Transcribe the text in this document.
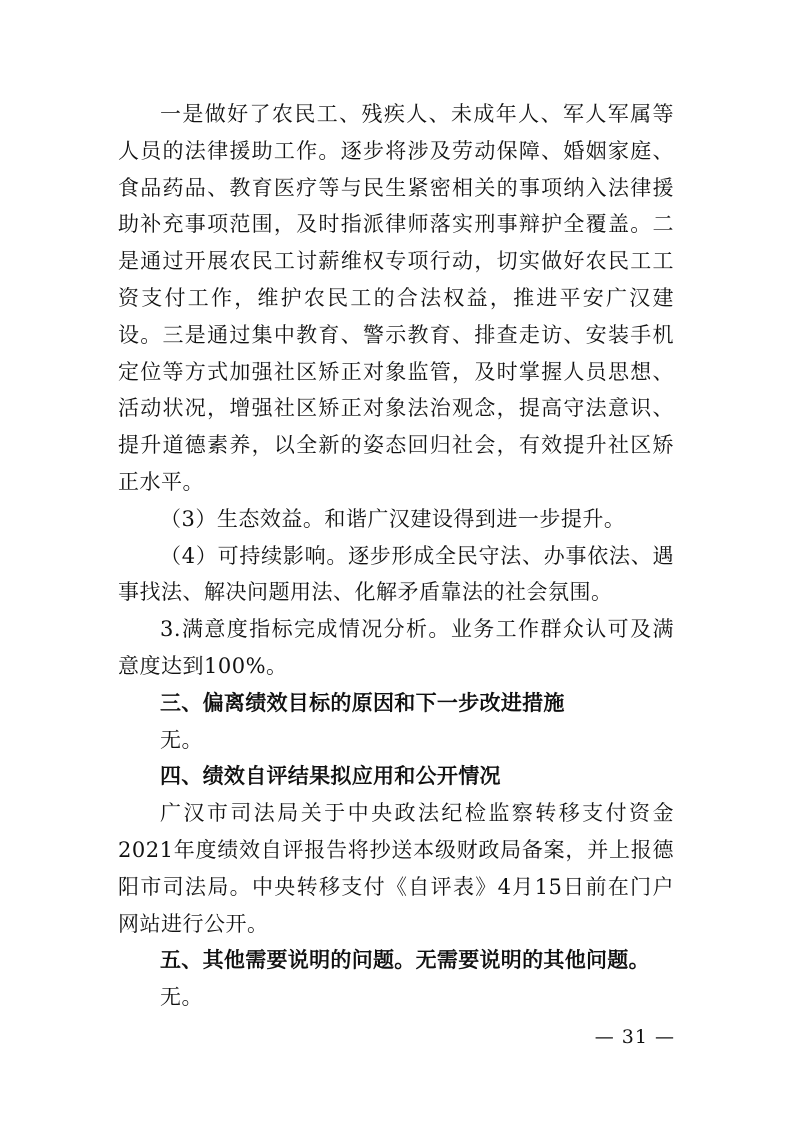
一是做好了农民工、残疾人、未成年人、军人军属等人员的法律援助工作。逐步将涉及劳动保障、婚姻家庭、食品药品、教育医疗等与民生紧密相关的事项纳入法律援助补充事项范围，及时指派律师落实刑事辩护全覆盖。二是通过开展农民工讨薪维权专项行动，切实做好农民工工资支付工作，维护农民工的合法权益，推进平安广汉建设。三是通过集中教育、警示教育、排查走访、安装手机定位等方式加强社区矫正对象监管，及时掌握人员思想、活动状况，增强社区矫正对象法治观念，提高守法意识、提升道德素养，以全新的姿态回归社会，有效提升社区矫正水平。

（3）生态效益。和谐广汉建设得到进一步提升。

（4）可持续影响。逐步形成全民守法、办事依法、遇事找法、解决问题用法、化解矛盾靠法的社会氛围。

3.满意度指标完成情况分析。业务工作群众认可及满意度达到100%。

三、偏离绩效目标的原因和下一步改进措施

无。

四、绩效自评结果拟应用和公开情况

广汉市司法局关于中央政法纪检监察转移支付资金2021年度绩效自评报告将抄送本级财政局备案，并上报德阳市司法局。中央转移支付《自评表》4月15日前在门户网站进行公开。

五、其他需要说明的问题。无需要说明的其他问题。

无。

— 31 —
